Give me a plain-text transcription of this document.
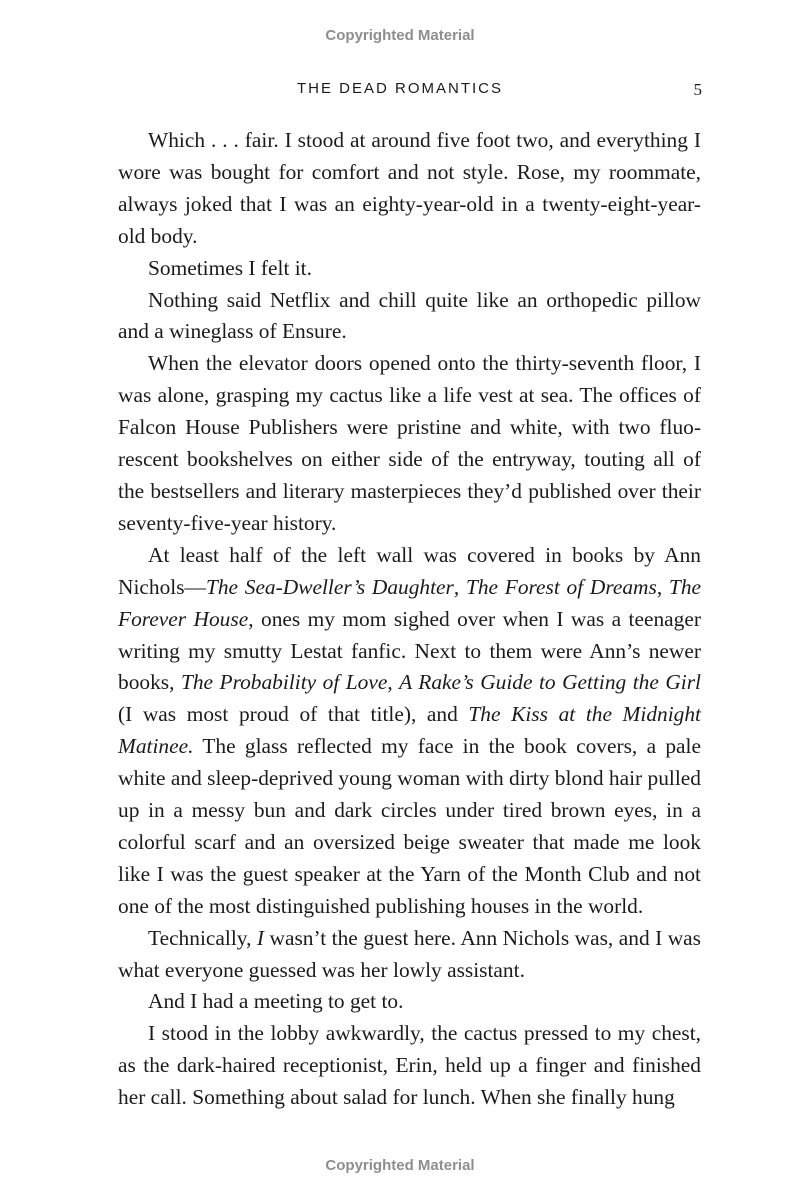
Copyrighted Material
THE DEAD ROMANTICS	5

Which . . . fair. I stood at around five foot two, and everything I wore was bought for comfort and not style. Rose, my roommate, always joked that I was an eighty-year-old in a twenty-eight-year-old body.

Sometimes I felt it.

Nothing said Netflix and chill quite like an orthopedic pillow and a wineglass of Ensure.

When the elevator doors opened onto the thirty-seventh floor, I was alone, grasping my cactus like a life vest at sea. The offices of Falcon House Publishers were pristine and white, with two fluorescent bookshelves on either side of the entryway, touting all of the bestsellers and literary masterpieces they’d published over their seventy-five-year history.

At least half of the left wall was covered in books by Ann Nichols—The Sea-Dweller’s Daughter, The Forest of Dreams, The Forever House, ones my mom sighed over when I was a teenager writing my smutty Lestat fanfic. Next to them were Ann’s newer books, The Probability of Love, A Rake’s Guide to Getting the Girl (I was most proud of that title), and The Kiss at the Midnight Matinee. The glass reflected my face in the book covers, a pale white and sleep-deprived young woman with dirty blond hair pulled up in a messy bun and dark circles under tired brown eyes, in a colorful scarf and an oversized beige sweater that made me look like I was the guest speaker at the Yarn of the Month Club and not one of the most distinguished publishing houses in the world.

Technically, I wasn’t the guest here. Ann Nichols was, and I was what everyone guessed was her lowly assistant.

And I had a meeting to get to.

I stood in the lobby awkwardly, the cactus pressed to my chest, as the dark-haired receptionist, Erin, held up a finger and finished her call. Something about salad for lunch. When she finally hung

Copyrighted Material
